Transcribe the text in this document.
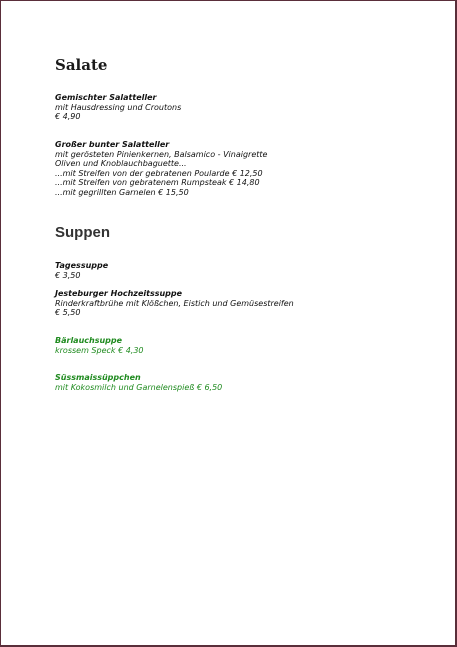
Salate
Gemischter Salatteller
mit Hausdressing und Croutons
€ 4,90
Großer bunter Salatteller
mit gerösteten Pinienkernen, Balsamico - Vinaigrette
Oliven und Knoblauchbaguette...
...mit Streifen von der gebratenen Poularde € 12,50
...mit Streifen von gebratenem Rumpsteak € 14,80
...mit gegrillten Garnelen € 15,50
Suppen
Tagessuppe
€ 3,50
Jesteburger Hochzeitssuppe
Rinderkraftbrühe mit Klößchen, Eistich und Gemüsestreifen
€ 5,50
Bärlauchsuppe
krossem Speck € 4,30
Süssmaissüppchen
mit Kokosmilch und Garnelenspieß € 6,50
